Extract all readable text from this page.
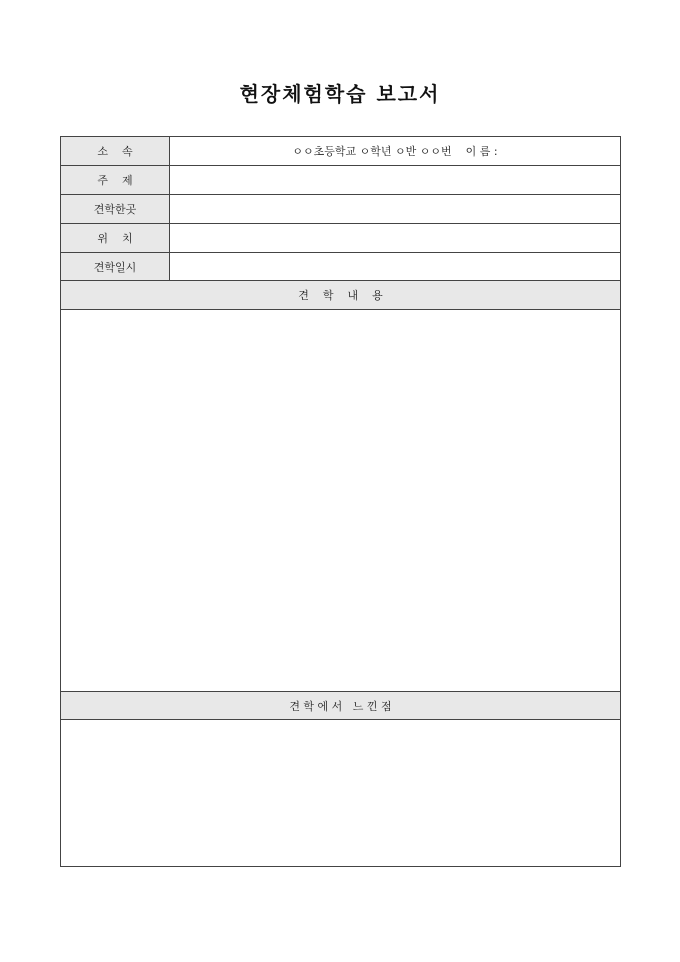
현장체험학습 보고서
소    속	ㅇㅇ초등학교 ㅇ학년 ㅇ반 ㅇㅇ번    이 름 :
주    제
견학한곳
위    치
견학일시
견    학    내    용
견 학 에 서   느 낀 점
